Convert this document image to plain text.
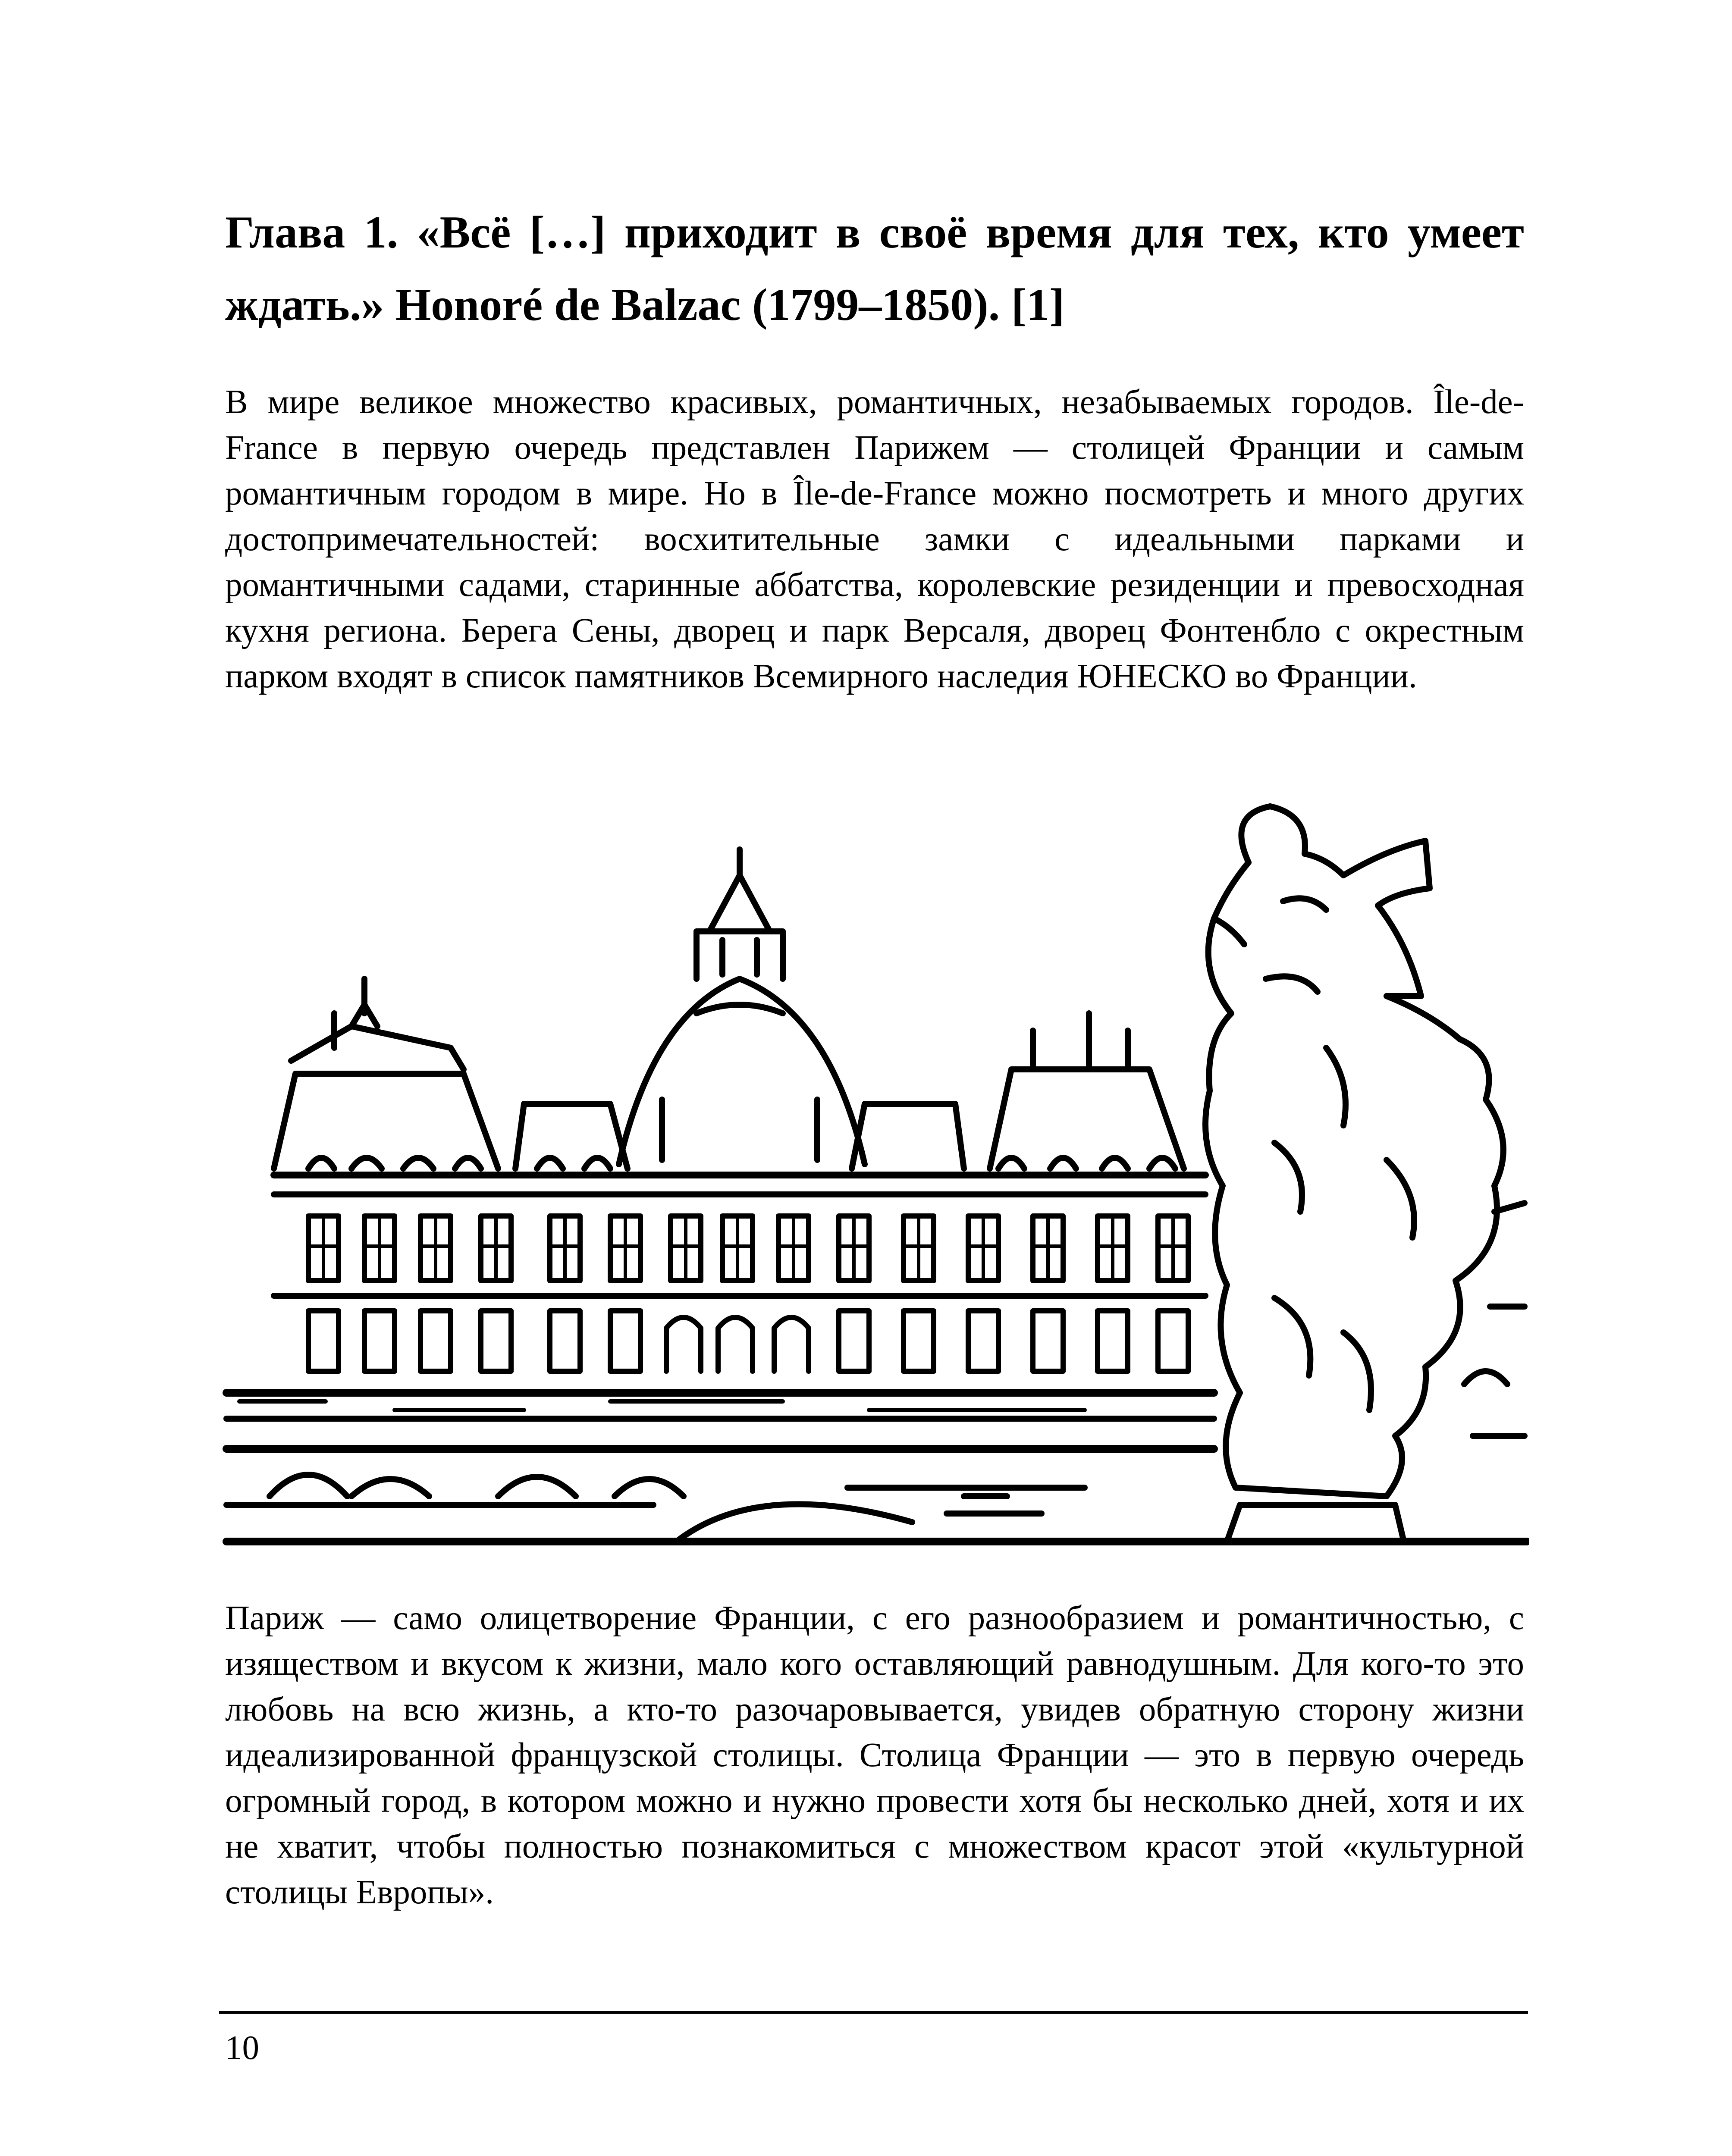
Глава 1. «Всё […] приходит в своё время для тех, кто умеет ждать.» Honoré de Balzac (1799–1850). [1]

В мире великое множество красивых, романтичных, незабываемых городов. Île-de-France в первую очередь представлен Парижем — столицей Франции и самым романтичным городом в мире. Но в Île-de-France можно посмотреть и много других достопримечательностей: восхитительные замки с идеальными парками и романтичными садами, старинные аббатства, королевские резиденции и превосходная кухня региона. Берега Сены, дворец и парк Версаля, дворец Фонтенбло с окрестным парком входят в список памятников Всемирного наследия ЮНЕСКО во Франции.

Париж — само олицетворение Франции, с его разнообразием и романтичностью, с изяществом и вкусом к жизни, мало кого оставляющий равнодушным. Для кого-то это любовь на всю жизнь, а кто-то разочаровывается, увидев обратную сторону жизни идеализированной французской столицы. Столица Франции — это в первую очередь огромный город, в котором можно и нужно провести хотя бы несколько дней, хотя и их не хватит, чтобы полностью познакомиться с множеством красот этой «культурной столицы Европы».

10
